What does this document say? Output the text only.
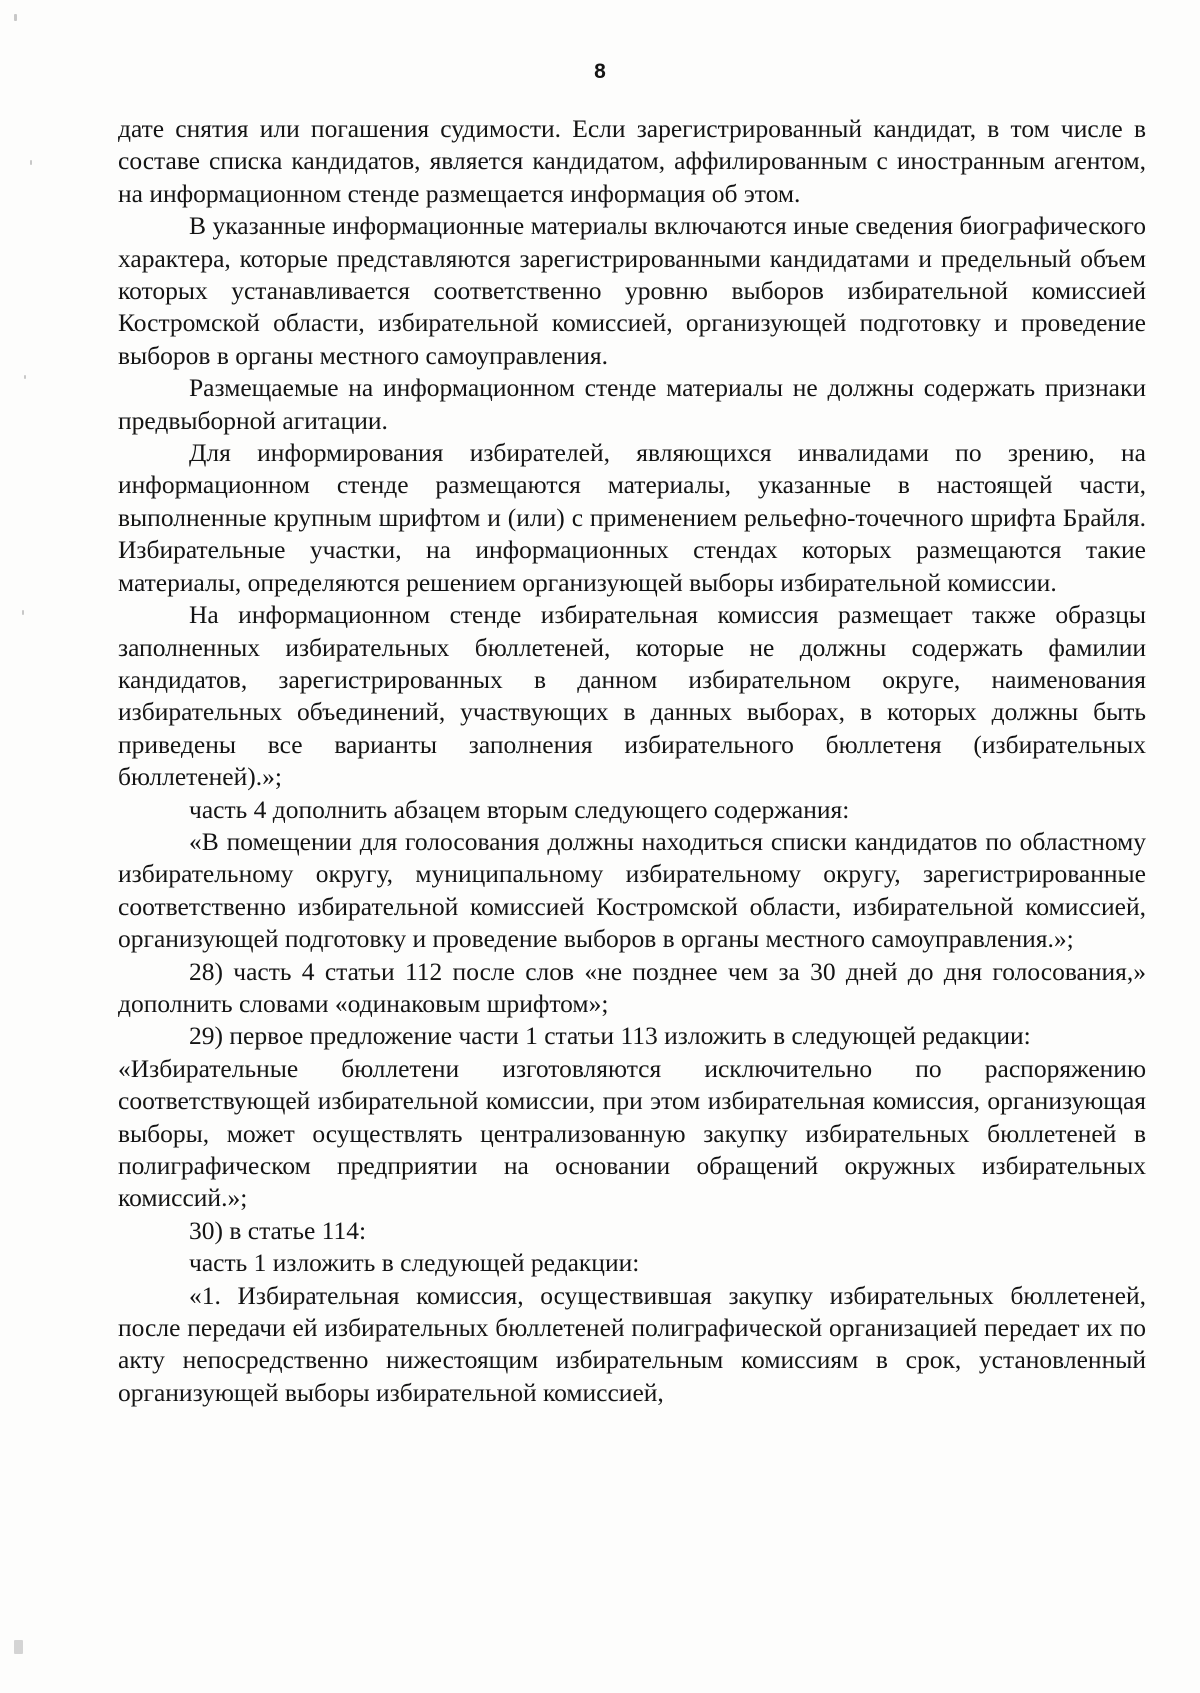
8

дате снятия или погашения судимости. Если зарегистрированный кандидат, в том числе в составе списка кандидатов, является кандидатом, аффилированным с иностранным агентом, на информационном стенде размещается информация об этом.

В указанные информационные материалы включаются иные сведения биографического характера, которые представляются зарегистрированными кандидатами и предельный объем которых устанавливается соответственно уровню выборов избирательной комиссией Костромской области, избирательной комиссией, организующей подготовку и проведение выборов в органы местного самоуправления.

Размещаемые на информационном стенде материалы не должны содержать признаки предвыборной агитации.

Для информирования избирателей, являющихся инвалидами по зрению, на информационном стенде размещаются материалы, указанные в настоящей части, выполненные крупным шрифтом и (или) с применением рельефно-точечного шрифта Брайля. Избирательные участки, на информационных стендах которых размещаются такие материалы, определяются решением организующей выборы избирательной комиссии.

На информационном стенде избирательная комиссия размещает также образцы заполненных избирательных бюллетеней, которые не должны содержать фамилии кандидатов, зарегистрированных в данном избирательном округе, наименования избирательных объединений, участвующих в данных выборах, в которых должны быть приведены все варианты заполнения избирательного бюллетеня (избирательных бюллетеней).»;

часть 4 дополнить абзацем вторым следующего содержания:

«В помещении для голосования должны находиться списки кандидатов по областному избирательному округу, муниципальному избирательному округу, зарегистрированные соответственно избирательной комиссией Костромской области, избирательной комиссией, организующей подготовку и проведение выборов в органы местного самоуправления.»;

28) часть 4 статьи 112 после слов «не позднее чем за 30 дней до дня голосования,» дополнить словами «одинаковым шрифтом»;

29) первое предложение части 1 статьи 113 изложить в следующей редакции:

«Избирательные бюллетени изготовляются исключительно по распоряжению соответствующей избирательной комиссии, при этом избирательная комиссия, организующая выборы, может осуществлять централизованную закупку избирательных бюллетеней в полиграфическом предприятии на основании обращений окружных избирательных комиссий.»;

30) в статье 114:

часть 1 изложить в следующей редакции:

«1. Избирательная комиссия, осуществившая закупку избирательных бюллетеней, после передачи ей избирательных бюллетеней полиграфической организацией передает их по акту непосредственно нижестоящим избирательным комиссиям в срок, установленный организующей выборы избирательной комиссией,
